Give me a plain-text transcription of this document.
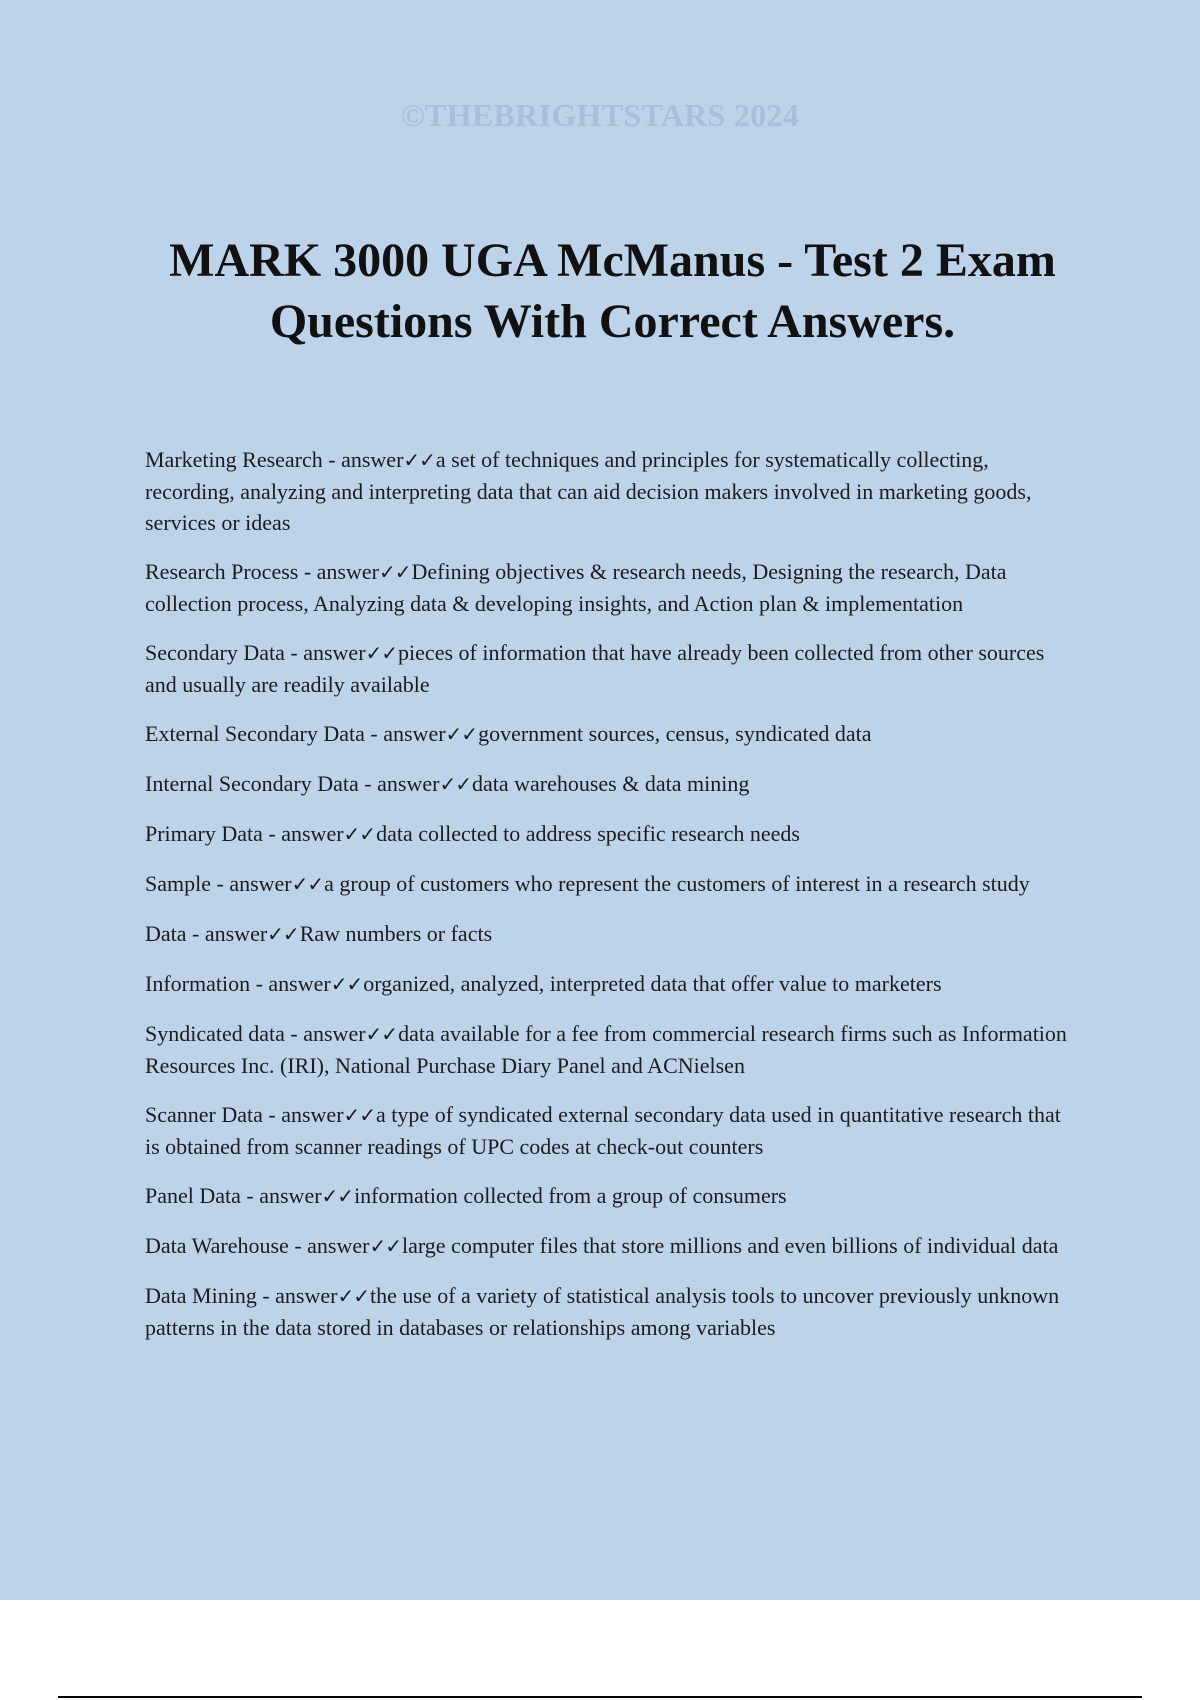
©THEBRIGHTSTARS 2024
MARK 3000 UGA McManus - Test 2 Exam
Questions With Correct Answers.

Marketing Research - answer✓✓a set of techniques and principles for systematically collecting, recording, analyzing and interpreting data that can aid decision makers involved in marketing goods, services or ideas

Research Process - answer✓✓Defining objectives & research needs, Designing the research, Data collection process, Analyzing data & developing insights, and Action plan & implementation

Secondary Data - answer✓✓pieces of information that have already been collected from other sources and usually are readily available

External Secondary Data - answer✓✓government sources, census, syndicated data

Internal Secondary Data - answer✓✓data warehouses & data mining

Primary Data - answer✓✓data collected to address specific research needs

Sample - answer✓✓a group of customers who represent the customers of interest in a research study

Data - answer✓✓Raw numbers or facts

Information - answer✓✓organized, analyzed, interpreted data that offer value to marketers

Syndicated data - answer✓✓data available for a fee from commercial research firms such as Information Resources Inc. (IRI), National Purchase Diary Panel and ACNielsen

Scanner Data - answer✓✓a type of syndicated external secondary data used in quantitative research that is obtained from scanner readings of UPC codes at check-out counters

Panel Data - answer✓✓information collected from a group of consumers

Data Warehouse - answer✓✓large computer files that store millions and even billions of individual data

Data Mining - answer✓✓the use of a variety of statistical analysis tools to uncover previously unknown patterns in the data stored in databases or relationships among variables
